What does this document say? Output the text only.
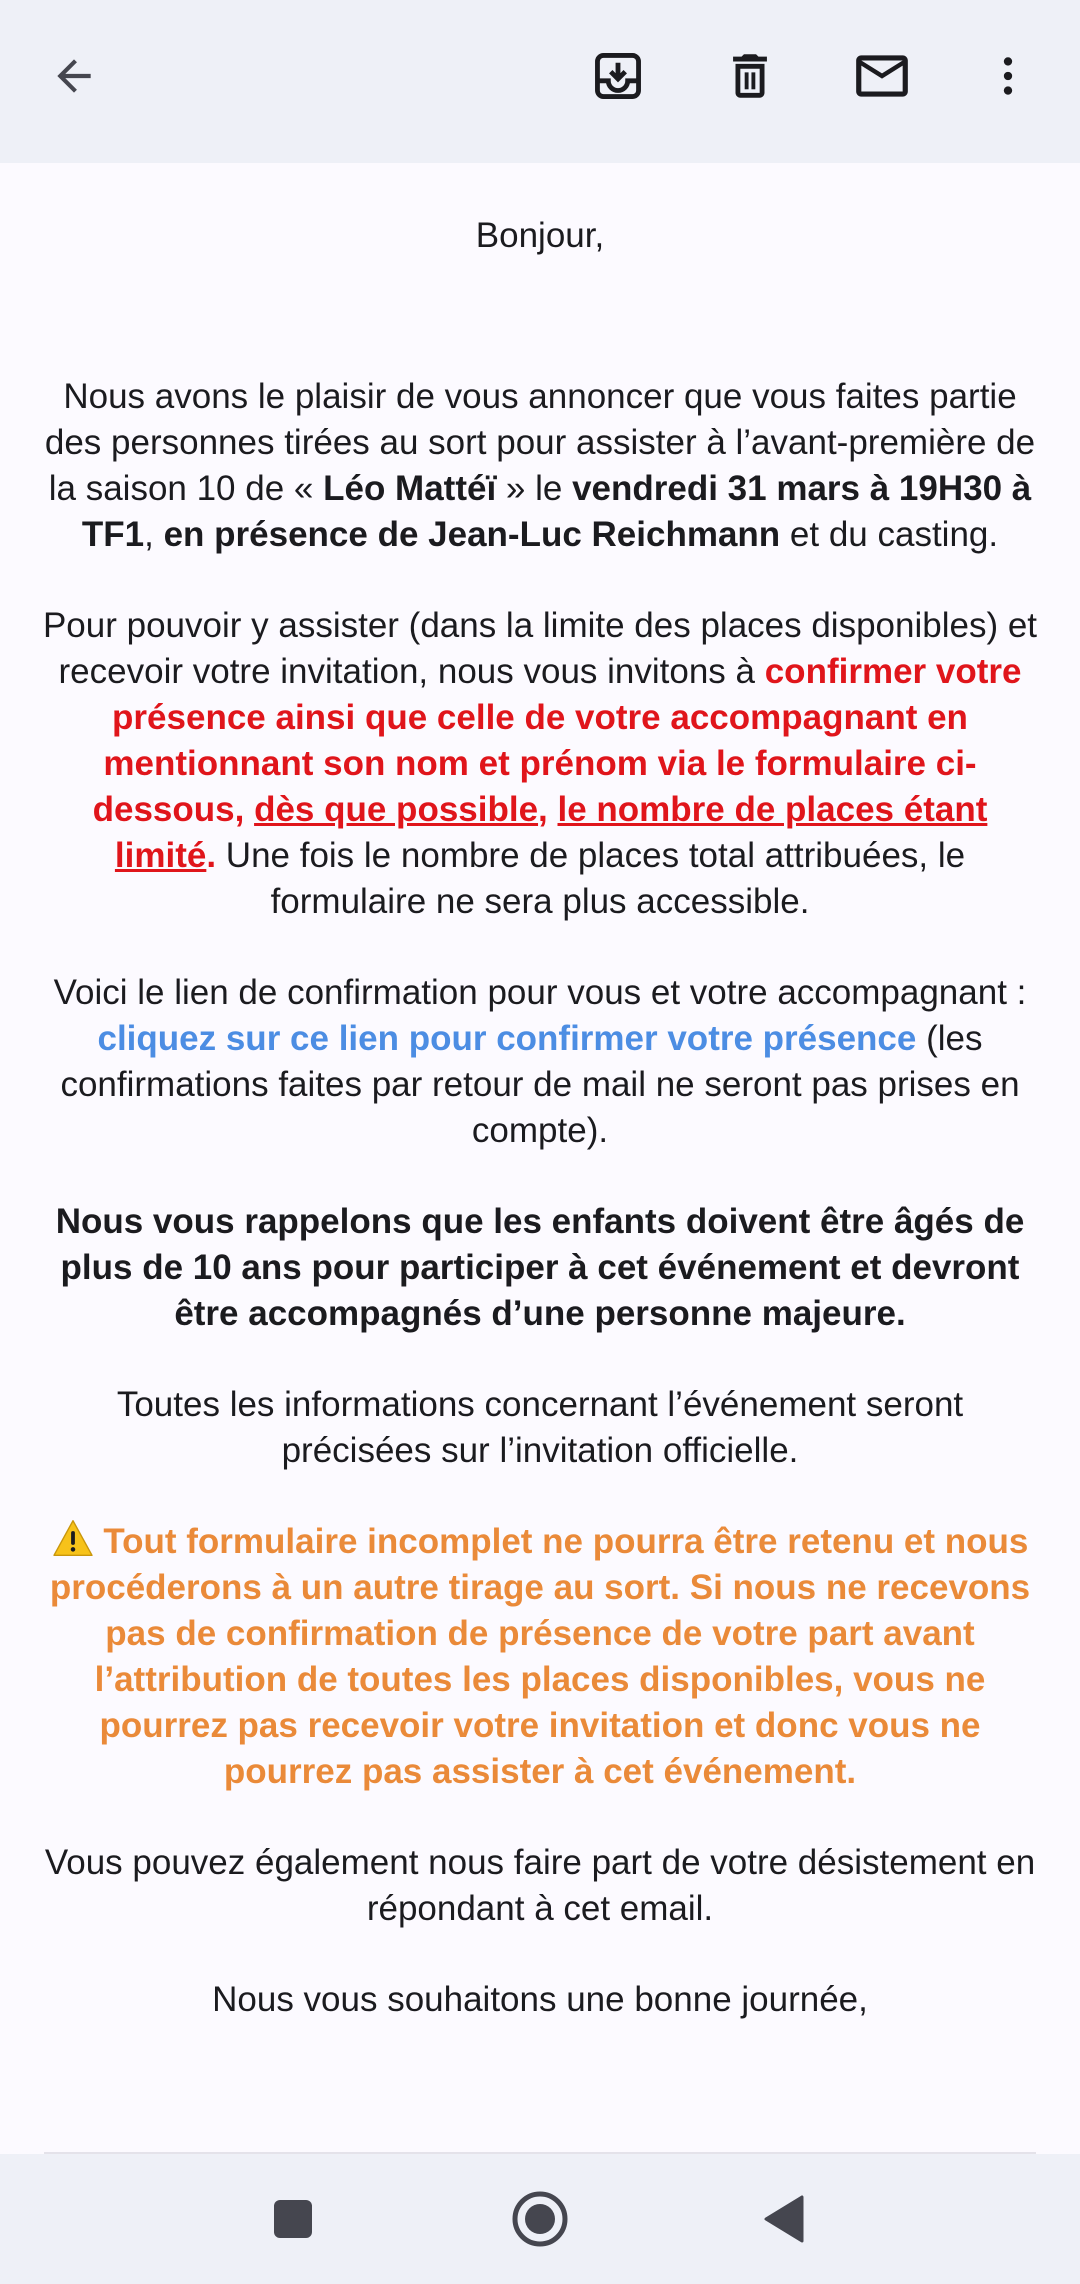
Bonjour,

Nous avons le plaisir de vous annoncer que vous faites partie des personnes tirées au sort pour assister à l’avant-première de la saison 10 de « Léo Mattéï » le vendredi 31 mars à 19H30 à TF1, en présence de Jean-Luc Reichmann et du casting.

Pour pouvoir y assister (dans la limite des places disponibles) et recevoir votre invitation, nous vous invitons à confirmer votre présence ainsi que celle de votre accompagnant en mentionnant son nom et prénom via le formulaire ci-dessous, dès que possible, le nombre de places étant limité. Une fois le nombre de places total attribuées, le formulaire ne sera plus accessible.

Voici le lien de confirmation pour vous et votre accompagnant : cliquez sur ce lien pour confirmer votre présence (les confirmations faites par retour de mail ne seront pas prises en compte).

Nous vous rappelons que les enfants doivent être âgés de plus de 10 ans pour participer à cet événement et devront être accompagnés d’une personne majeure.

Toutes les informations concernant l’événement seront précisées sur l’invitation officielle.

Tout formulaire incomplet ne pourra être retenu et nous procéderons à un autre tirage au sort. Si nous ne recevons pas de confirmation de présence de votre part avant l’attribution de toutes les places disponibles, vous ne pourrez pas recevoir votre invitation et donc vous ne pourrez pas assister à cet événement.

Vous pouvez également nous faire part de votre désistement en répondant à cet email.

Nous vous souhaitons une bonne journée,
